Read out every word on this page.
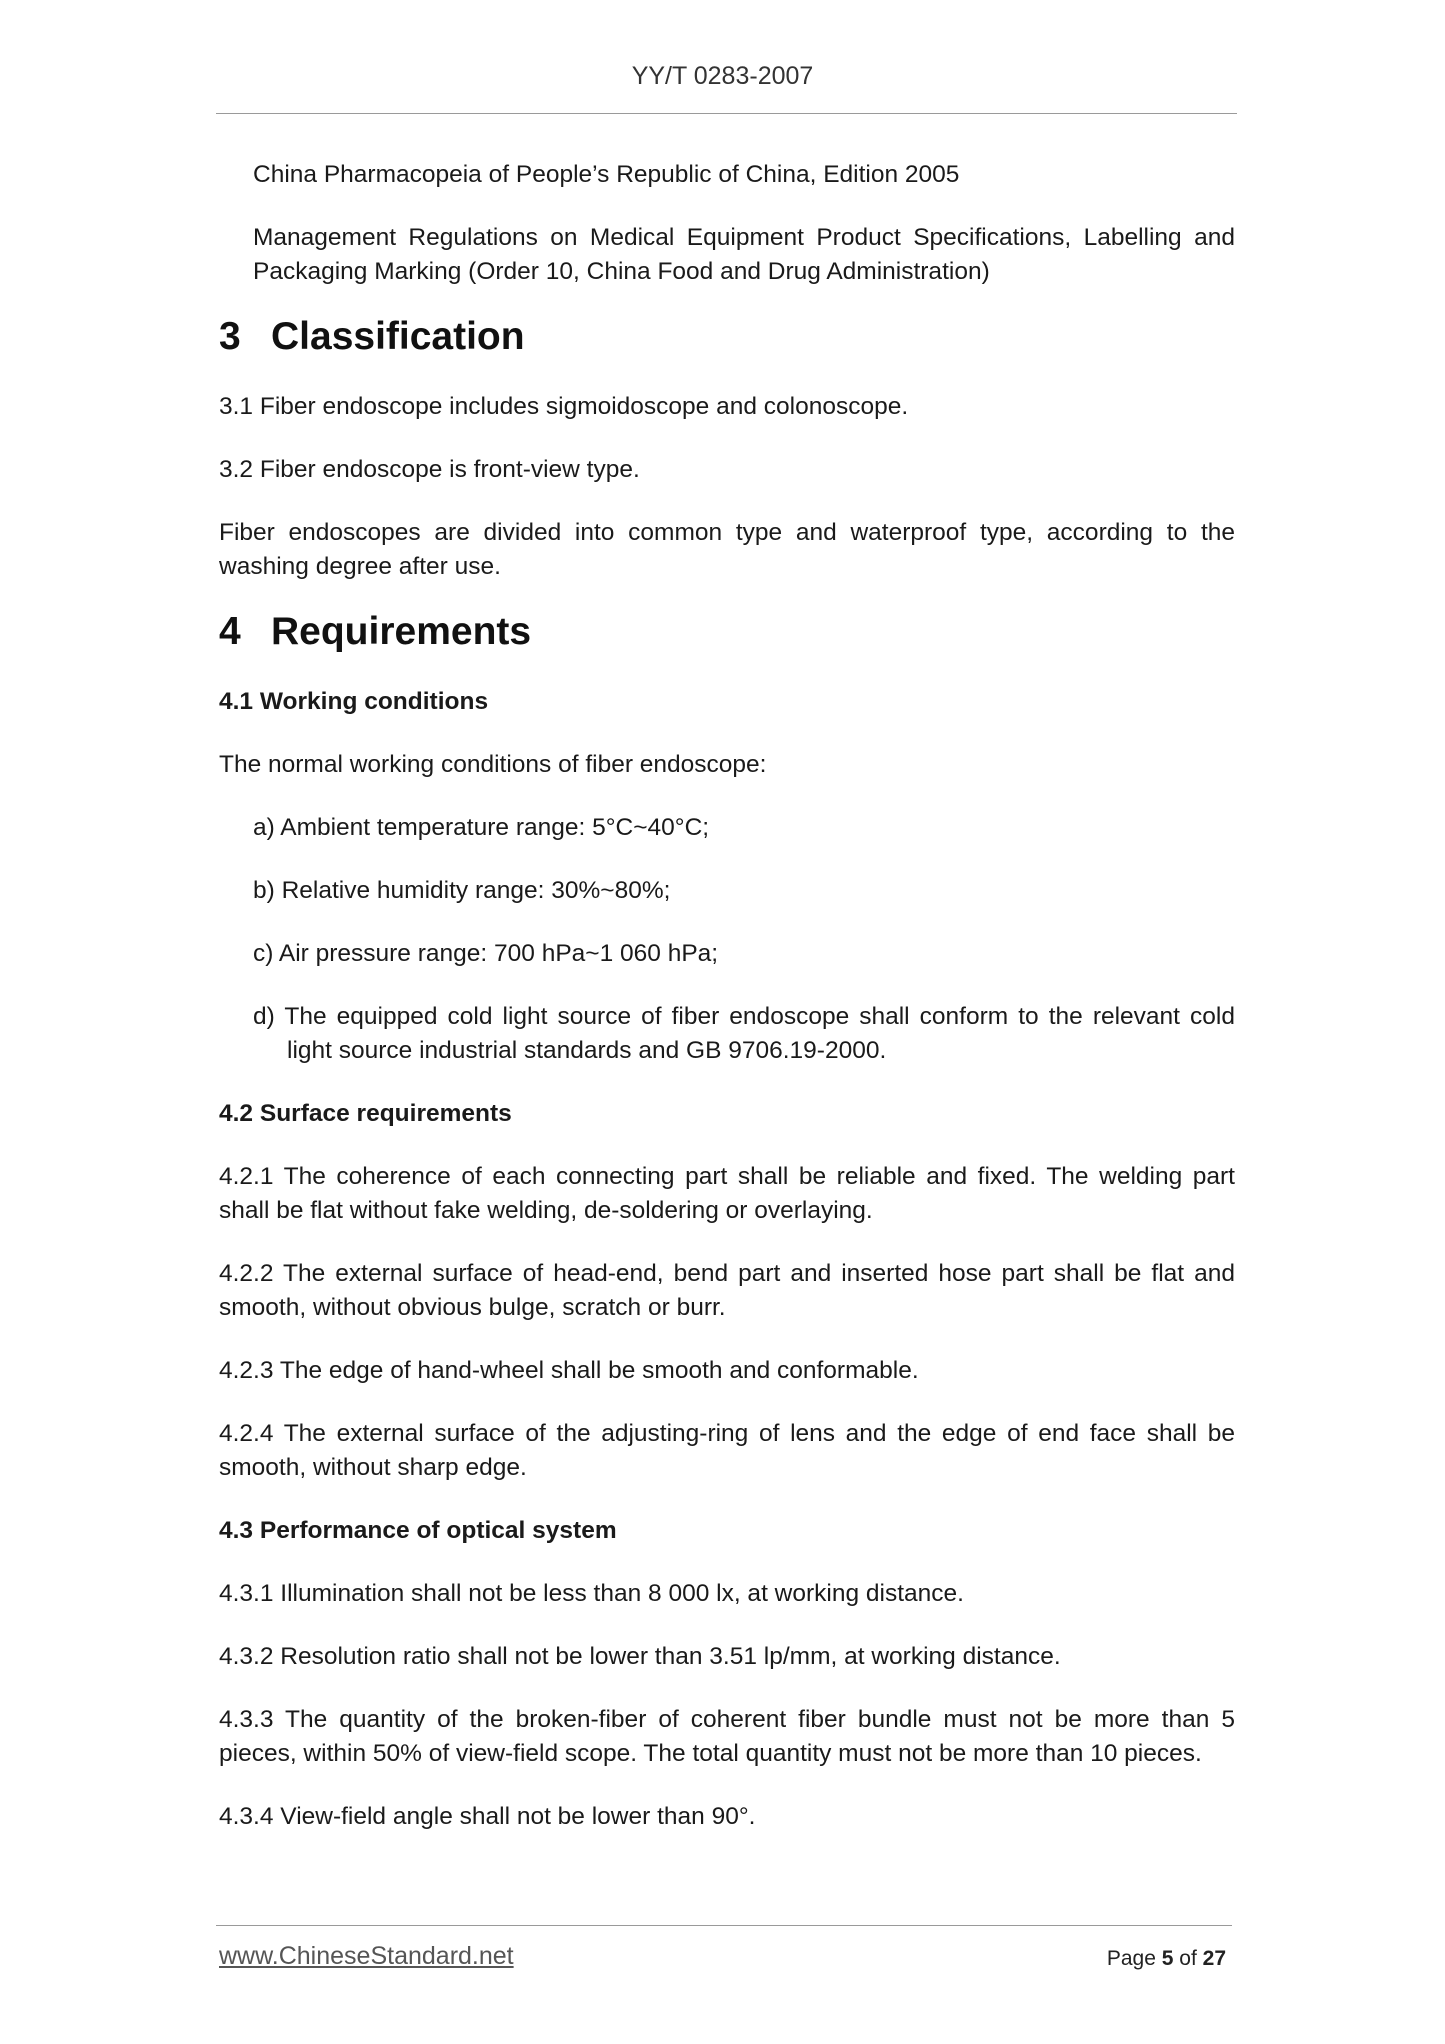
YY/T 0283-2007

China Pharmacopeia of People’s Republic of China, Edition 2005

Management Regulations on Medical Equipment Product Specifications, Labelling and Packaging Marking (Order 10, China Food and Drug Administration)

3 Classification

3.1 Fiber endoscope includes sigmoidoscope and colonoscope.

3.2 Fiber endoscope is front-view type.

Fiber endoscopes are divided into common type and waterproof type, according to the washing degree after use.

4 Requirements
4.1 Working conditions

The normal working conditions of fiber endoscope:

a) Ambient temperature range: 5°C~40°C;

b) Relative humidity range: 30%~80%;

c) Air pressure range: 700 hPa~1 060 hPa;

d) The equipped cold light source of fiber endoscope shall conform to the relevant cold light source industrial standards and GB 9706.19-2000.

4.2 Surface requirements

4.2.1 The coherence of each connecting part shall be reliable and fixed. The welding part shall be flat without fake welding, de-soldering or overlaying.

4.2.2 The external surface of head-end, bend part and inserted hose part shall be flat and smooth, without obvious bulge, scratch or burr.

4.2.3 The edge of hand-wheel shall be smooth and conformable.

4.2.4 The external surface of the adjusting-ring of lens and the edge of end face shall be smooth, without sharp edge.

4.3 Performance of optical system

4.3.1 Illumination shall not be less than 8 000 lx, at working distance.

4.3.2 Resolution ratio shall not be lower than 3.51 lp/mm, at working distance.

4.3.3 The quantity of the broken-fiber of coherent fiber bundle must not be more than 5 pieces, within 50% of view-field scope. The total quantity must not be more than 10 pieces.

4.3.4 View-field angle shall not be lower than 90°.

www.ChineseStandard.net	Page 5 of 27
